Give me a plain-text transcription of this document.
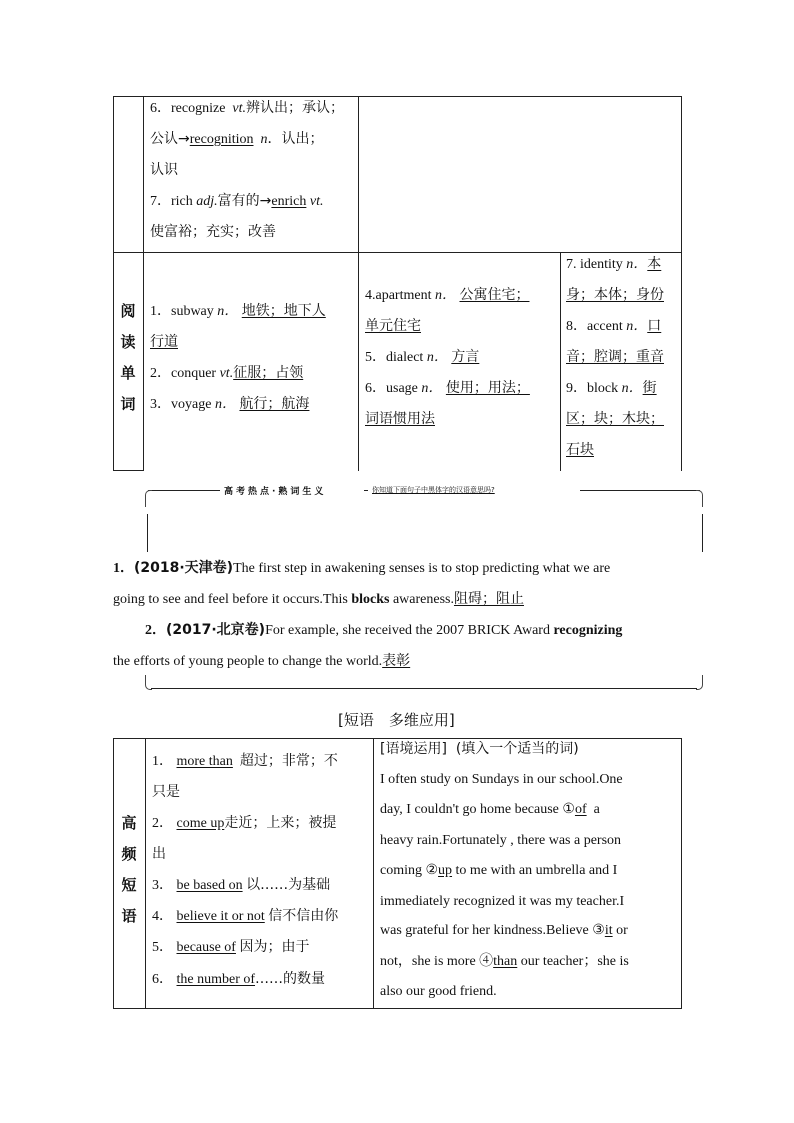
6．recognize vt.辨认出；承认；
公认→recognition n．认出；
认识
7．rich adj.富有的→enrich vt.
使富裕；充实；改善
阅
读
单
词
1．subway n． 地铁；地下人
行道
2．conquer vt.征服；占领
3．voyage n． 航行；航海
4.apartment n． 公寓住宅；
单元住宅
5．dialect n． 方言
6．usage n． 使用；用法；
词语惯用法
7. identity n．本
身；本体；身份
8．accent n．口
音；腔调；重音
9．block n．街
区；块；木块；
石块
高考热点·熟词生义	你知道下面句子中黑体字的汉语意思吗?
1．(2018·天津卷)The first step in awakening senses is to stop predicting what we are
going to see and feel before it occurs.This blocks awareness.阻碍；阻止
2．(2017·北京卷)For example, she received the 2007 BRICK Award recognizing
the efforts of young people to change the world.表彰
[短语　多维应用]
高
频
短
语
1． more than 超过；非常；不
只是
2． come up走近；上来；被提
出
3． be based on 以……为基础
4． believe it or not 信不信由你
5． because of 因为；由于
6． the number of……的数量
[语境运用] (填入一个适当的词)
I often study on Sundays in our school.One
day, I couldn't go home because ①of a
heavy rain.Fortunately , there was a person
coming ②up to me with an umbrella and I
immediately recognized it was my teacher.I
was grateful for her kindness.Believe ③it or
not，she is more ④than our teacher；she is
also our good friend.
